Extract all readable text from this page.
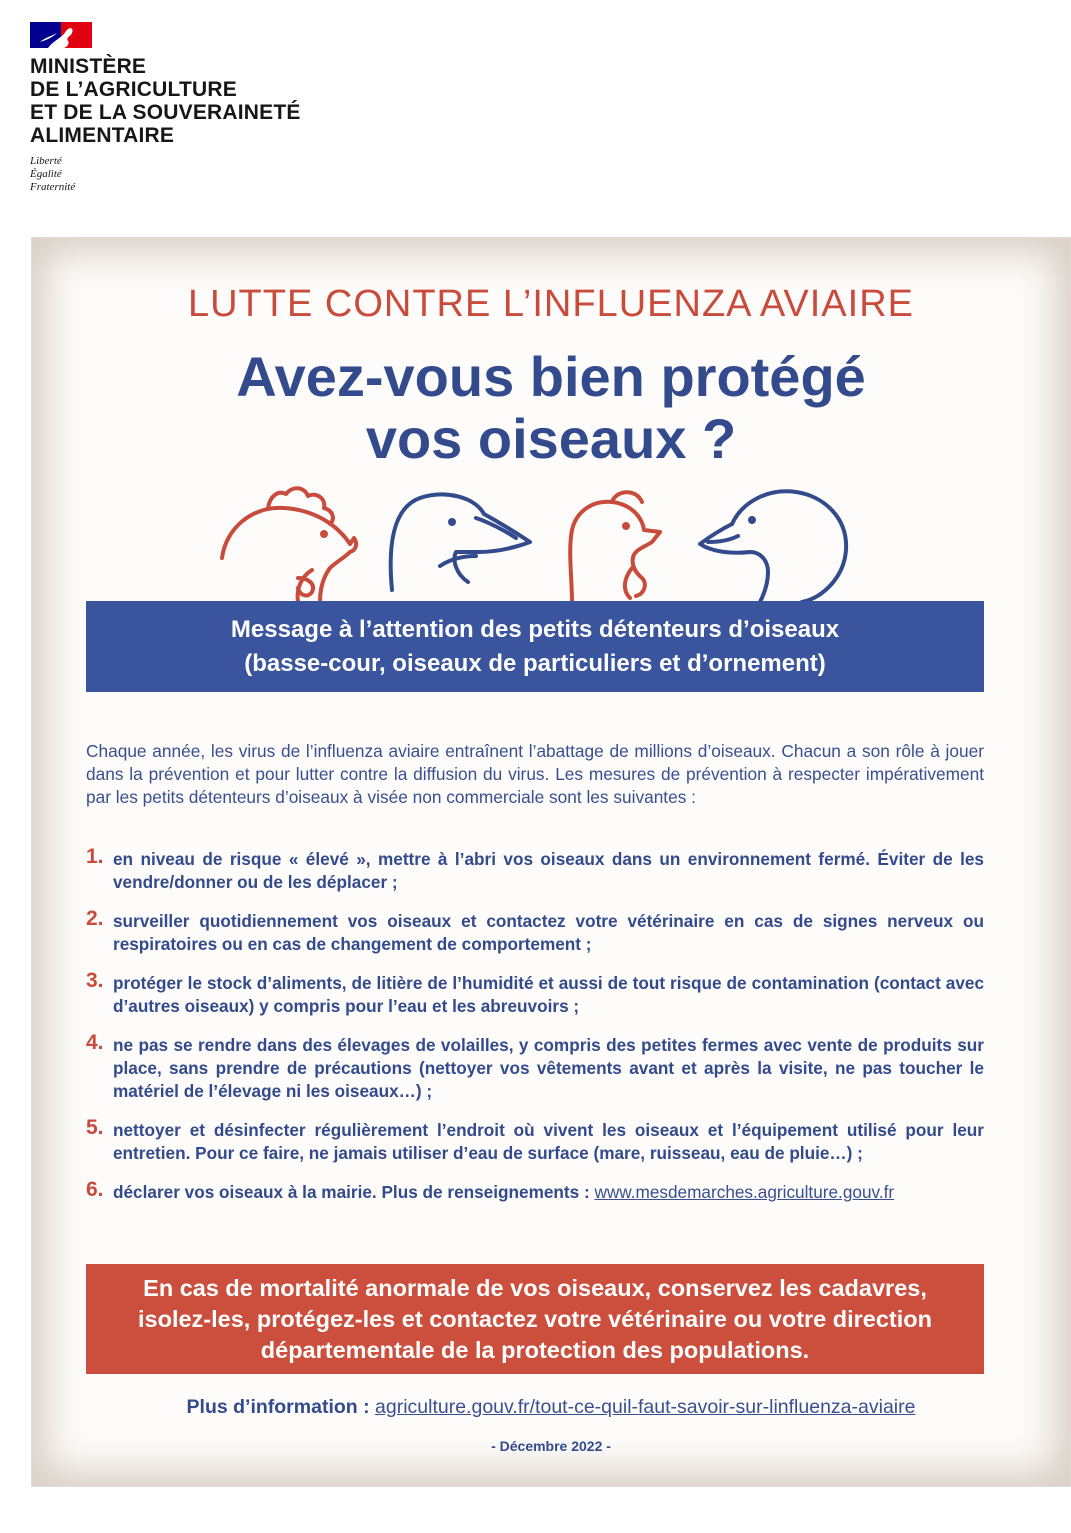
MINISTÈRE
DE L’AGRICULTURE
ET DE LA SOUVERAINETÉ
ALIMENTAIRE
Liberté
Égalité
Fraternité
LUTTE CONTRE L’INFLUENZA AVIAIRE
Avez-vous bien protégé
vos oiseaux ?
Message à l’attention des petits détenteurs d’oiseaux
(basse-cour, oiseaux de particuliers et d’ornement)
Chaque année, les virus de l’influenza aviaire entraînent l’abattage de millions d’oiseaux. Chacun a son rôle à jouer dans la prévention et pour lutter contre la diffusion du virus. Les mesures de prévention à respecter impérativement par les petits détenteurs d’oiseaux à visée non commerciale sont les suivantes :
1. en niveau de risque « élevé », mettre à l’abri vos oiseaux dans un environnement fermé. Éviter de les vendre/donner ou de les déplacer ;
2. surveiller quotidiennement vos oiseaux et contactez votre vétérinaire en cas de signes nerveux ou respiratoires ou en cas de changement de comportement ;
3. protéger le stock d’aliments, de litière de l’humidité et aussi de tout risque de contamination (contact avec d’autres oiseaux) y compris pour l’eau et les abreuvoirs ;
4. ne pas se rendre dans des élevages de volailles, y compris des petites fermes avec vente de produits sur place, sans prendre de précautions (nettoyer vos vêtements avant et après la visite, ne pas toucher le matériel de l’élevage ni les oiseaux…) ;
5. nettoyer et désinfecter régulièrement l’endroit où vivent les oiseaux et l’équipement utilisé pour leur entretien. Pour ce faire, ne jamais utiliser d’eau de surface (mare, ruisseau, eau de pluie…) ;
6. déclarer vos oiseaux à la mairie. Plus de renseignements : www.mesdemarches.agriculture.gouv.fr
En cas de mortalité anormale de vos oiseaux, conservez les cadavres,
isolez-les, protégez-les et contactez votre vétérinaire ou votre direction
départementale de la protection des populations.
Plus d’information : agriculture.gouv.fr/tout-ce-quil-faut-savoir-sur-linfluenza-aviaire
- Décembre 2022 -
